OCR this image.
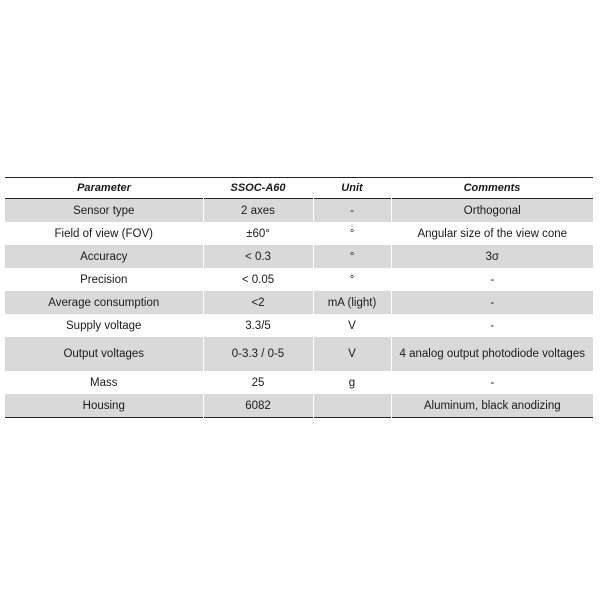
Parameter	SSOC-A60	Unit	Comments
Sensor type	2 axes	-	Orthogonal
Field of view (FOV)	±60°	°	Angular size of the view cone
Accuracy	< 0.3	°	3σ
Precision	< 0.05	°	-
Average consumption	<2	mA (light)	-
Supply voltage	3.3/5	V	-
Output voltages	0-3.3 / 0-5	V	4 analog output photodiode voltages
Mass	25	g	-
Housing	6082		Aluminum, black anodizing
